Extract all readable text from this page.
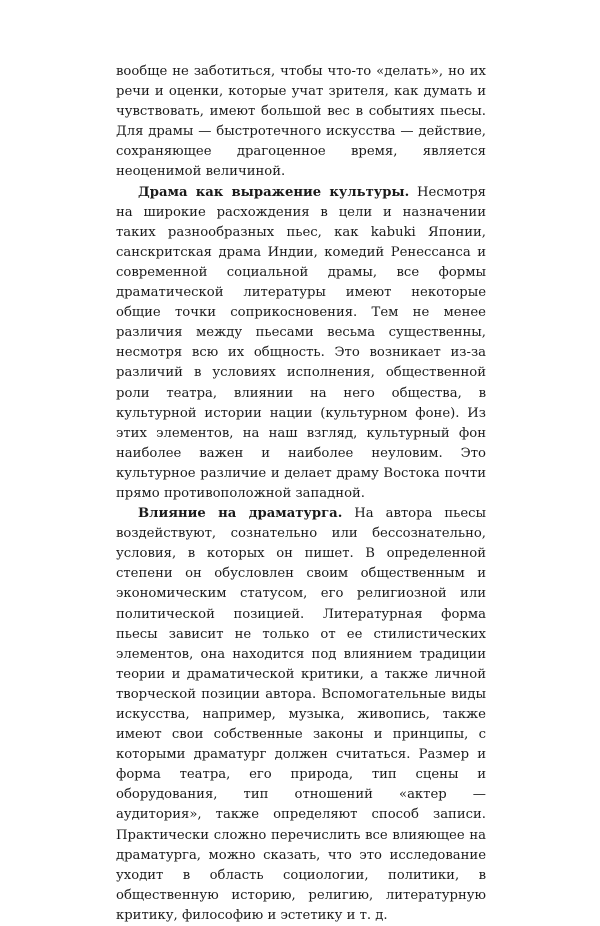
вообще не заботиться, чтобы что-то «делать», но их речи и оценки, которые учат зрителя, как думать и чувствовать, имеют большой вес в событиях пьесы. Для драмы — быстротечного искусства — действие, сохраняющее драгоценное время, является неоценимой величиной.

Драма как выражение культуры. Несмотря на широкие расхождения в цели и назначении таких разнообразных пьес, как kabuki Японии, санскритская драма Индии, комедий Ренессанса и современной социальной драмы, все формы драматической литературы имеют некоторые общие точки соприкосновения. Тем не менее различия между пьесами весьма существенны, несмотря всю их общность. Это возникает из-за различий в условиях исполнения, общественной роли театра, влиянии на него общества, в культурной истории нации (культурном фоне). Из этих элементов, на наш взгляд, культурный фон наиболее важен и наиболее неуловим. Это культурное различие и делает драму Востока почти прямо противоположной западной.

Влияние на драматурга. На автора пьесы воздействуют, сознательно или бессознательно, условия, в которых он пишет. В определенной степени он обусловлен своим общественным и экономическим статусом, его религиозной или политической позицией. Литературная форма пьесы зависит не только от ее стилистических элементов, она находится под влиянием традиции теории и драматической критики, а также личной творческой позиции автора. Вспомогательные виды искусства, например, музыка, живопись, также имеют свои собственные законы и принципы, с которыми драматург должен считаться. Размер и форма театра, его природа, тип сцены и оборудования, тип отношений «актер — аудитория», также определяют способ записи. Практически сложно перечислить все влияющее на драматурга, можно сказать, что это исследование уходит в область социологии, политики, в общественную историю, религию, литературную критику, философию и эстетику и т. д.
